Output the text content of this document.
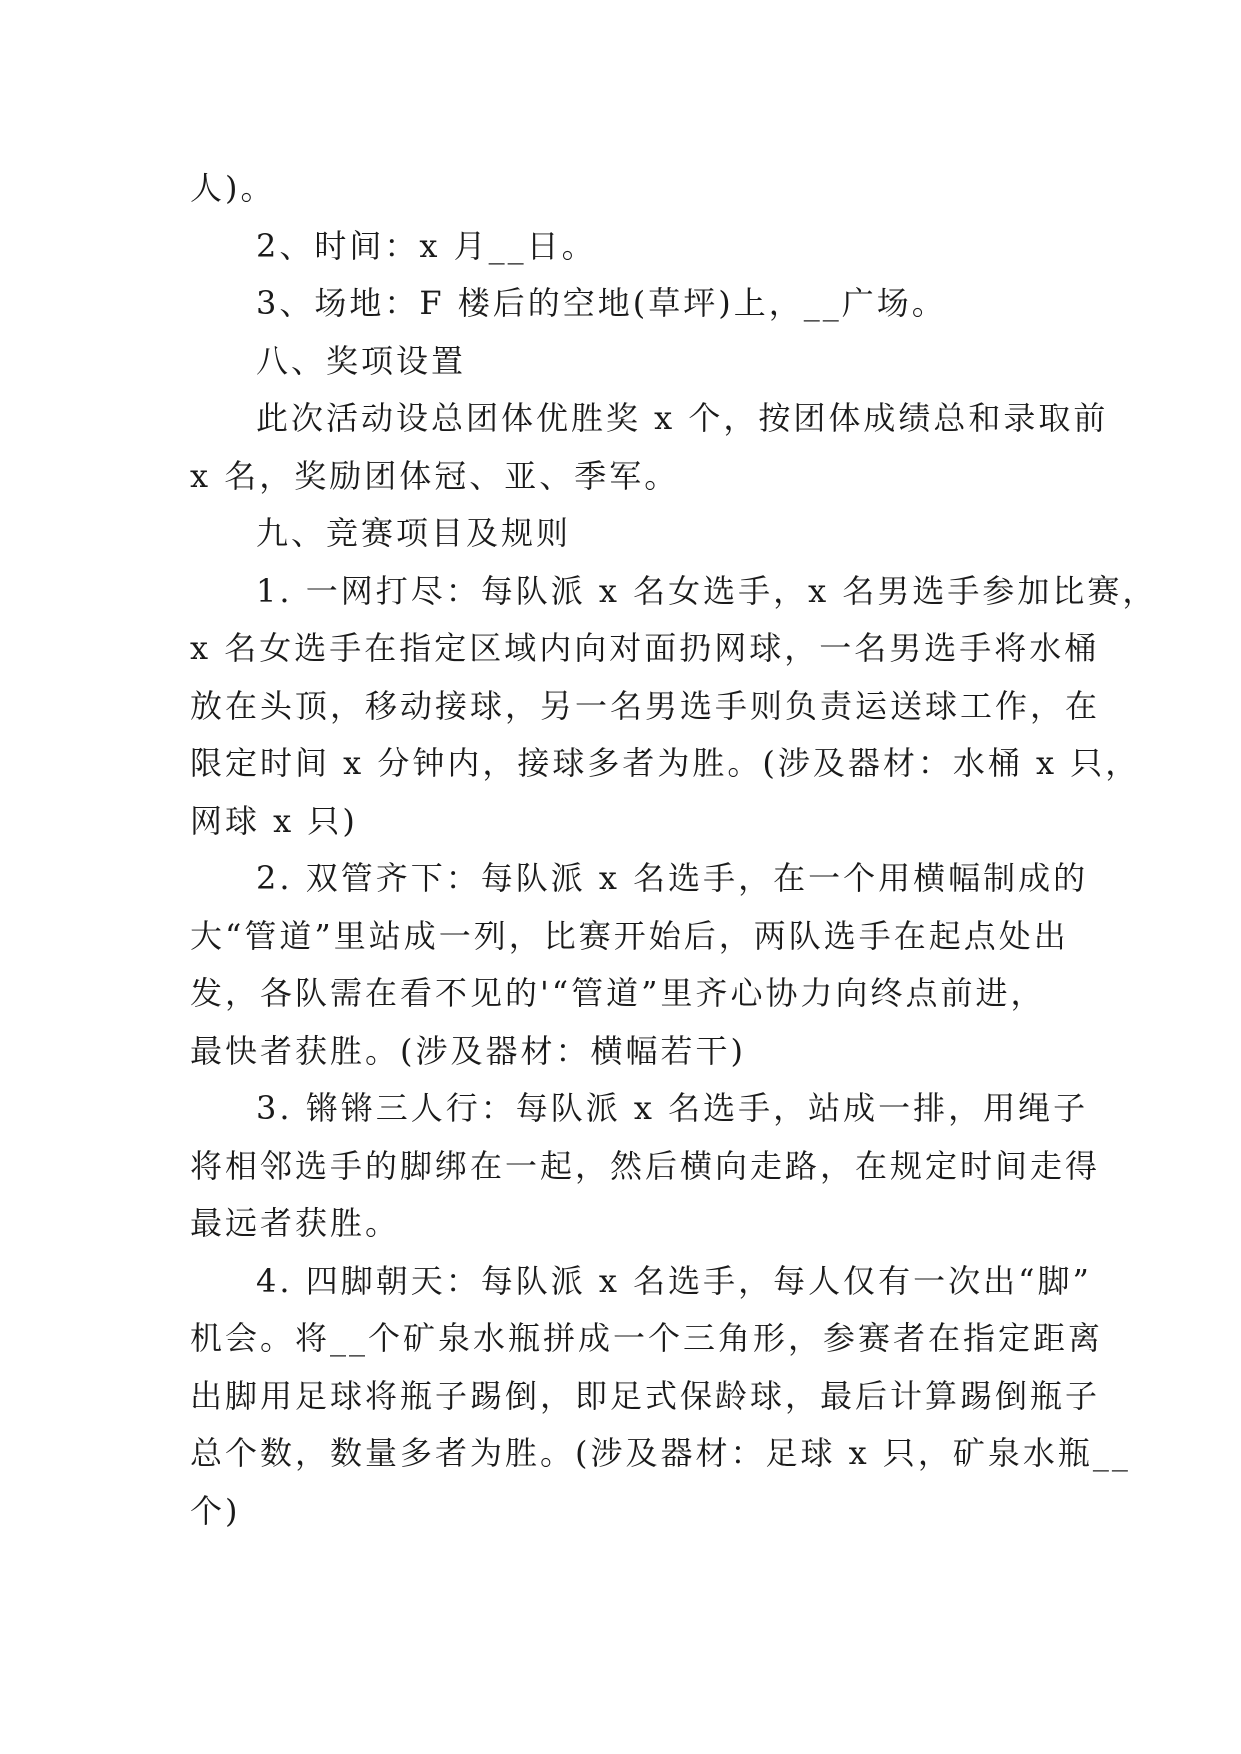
人)。
2、时间：x 月__日。
3、场地：F 楼后的空地(草坪)上，__广场。
八、奖项设置
此次活动设总团体优胜奖 x 个，按团体成绩总和录取前
x 名，奖励团体冠、亚、季军。
九、竞赛项目及规则
1. 一网打尽：每队派 x 名女选手，x 名男选手参加比赛，
x 名女选手在指定区域内向对面扔网球，一名男选手将水桶
放在头顶，移动接球，另一名男选手则负责运送球工作，在
限定时间 x 分钟内，接球多者为胜。(涉及器材：水桶 x 只，
网球 x 只)
2. 双管齐下：每队派 x 名选手，在一个用横幅制成的
大“管道”里站成一列，比赛开始后，两队选手在起点处出
发，各队需在看不见的'“管道”里齐心协力向终点前进，
最快者获胜。(涉及器材：横幅若干)
3. 锵锵三人行：每队派 x 名选手，站成一排，用绳子
将相邻选手的脚绑在一起，然后横向走路，在规定时间走得
最远者获胜。
4. 四脚朝天：每队派 x 名选手，每人仅有一次出“脚”
机会。将__个矿泉水瓶拼成一个三角形，参赛者在指定距离
出脚用足球将瓶子踢倒，即足式保龄球，最后计算踢倒瓶子
总个数，数量多者为胜。(涉及器材：足球 x 只，矿泉水瓶__
个)
